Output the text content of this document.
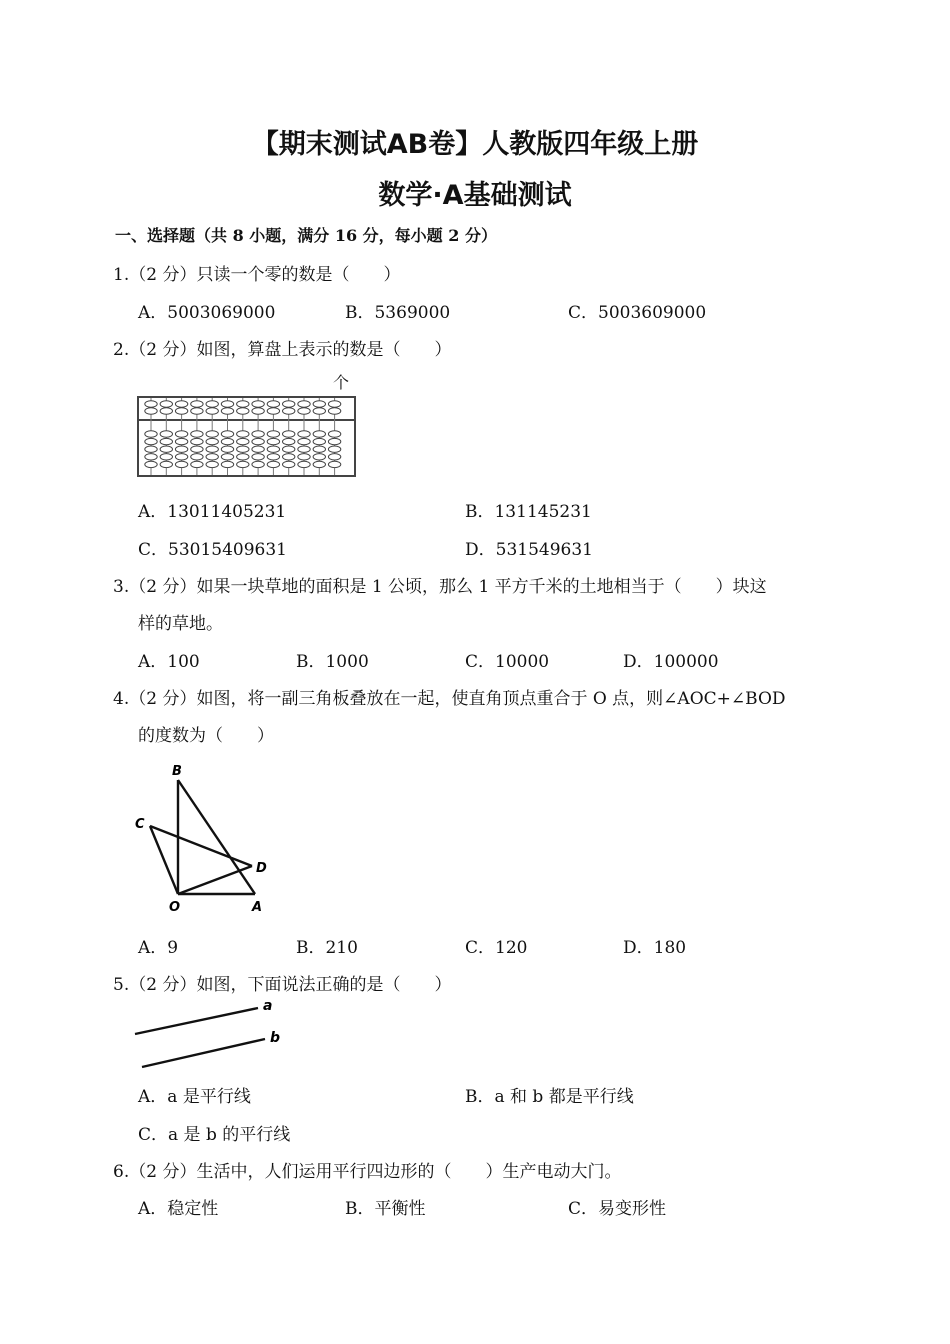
【期末测试AB卷】人教版四年级上册
数学·A基础测试
一、选择题（共 8 小题，满分 16 分，每小题 2 分）
1.（2 分）只读一个零的数是（　　）
A．5003069000	B．5369000	C．5003609000
2.（2 分）如图，算盘上表示的数是（　　）
个
A．13011405231	B．131145231
C．53015409631	D．531549631
3.（2 分）如果一块草地的面积是 1 公顷，那么 1 平方千米的土地相当于（　　）块这
样的草地。
A．100	B．1000	C．10000	D．100000
4.（2 分）如图，将一副三角板叠放在一起，使直角顶点重合于 O 点，则∠AOC+∠BOD
的度数为（　　）
B
C
D
O	A
A．9	B．210	C．120	D．180
5.（2 分）如图，下面说法正确的是（　　）
a
b
A．a 是平行线	B．a 和 b 都是平行线
C．a 是 b 的平行线
6.（2 分）生活中，人们运用平行四边形的（　　）生产电动大门。
A．稳定性	B．平衡性	C．易变形性
